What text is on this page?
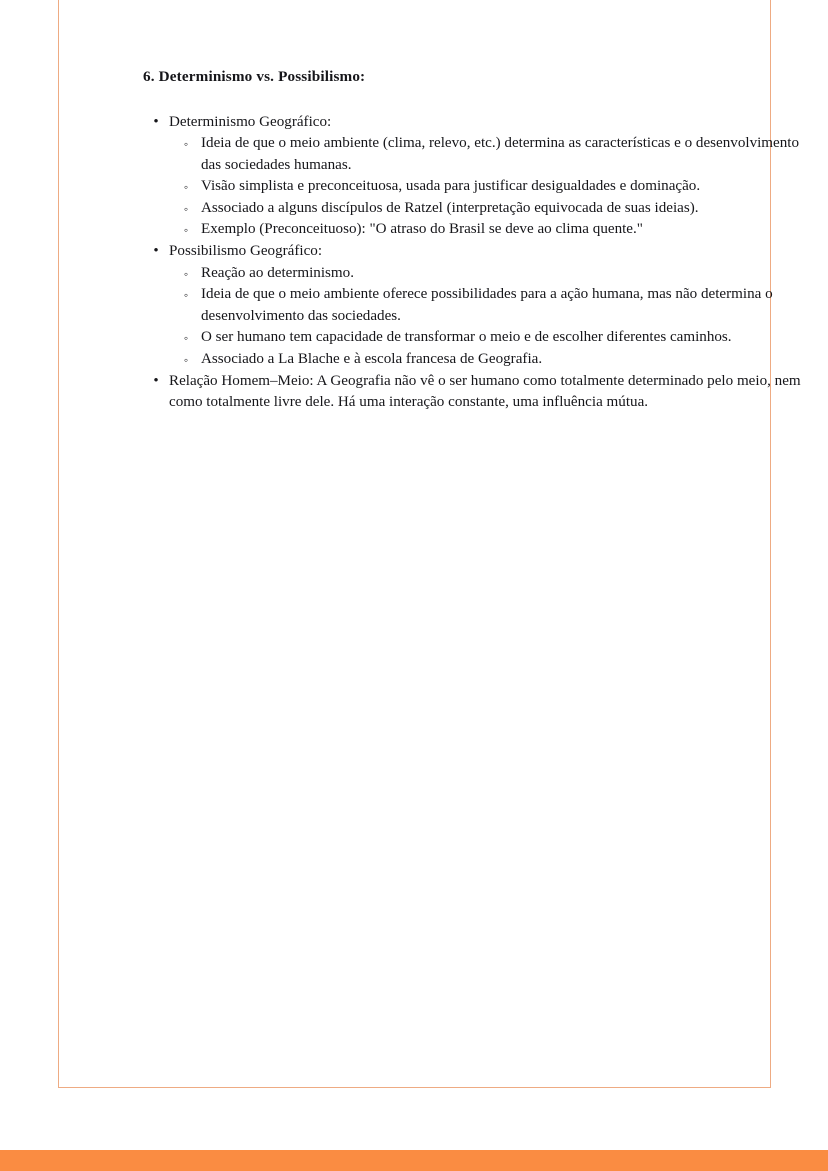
6. Determinismo vs. Possibilismo:
• Determinismo Geográfico:
◦ Ideia de que o meio ambiente (clima, relevo, etc.) determina as características e o desenvolvimento das sociedades humanas.
◦ Visão simplista e preconceituosa, usada para justificar desigualdades e dominação.
◦ Associado a alguns discípulos de Ratzel (interpretação equivocada de suas ideias).
◦ Exemplo (Preconceituoso): "O atraso do Brasil se deve ao clima quente."
• Possibilismo Geográfico:
◦ Reação ao determinismo.
◦ Ideia de que o meio ambiente oferece possibilidades para a ação humana, mas não determina o desenvolvimento das sociedades.
◦ O ser humano tem capacidade de transformar o meio e de escolher diferentes caminhos.
◦ Associado a La Blache e à escola francesa de Geografia.
• Relação Homem–Meio: A Geografia não vê o ser humano como totalmente determinado pelo meio, nem como totalmente livre dele. Há uma interação constante, uma influência mútua.
